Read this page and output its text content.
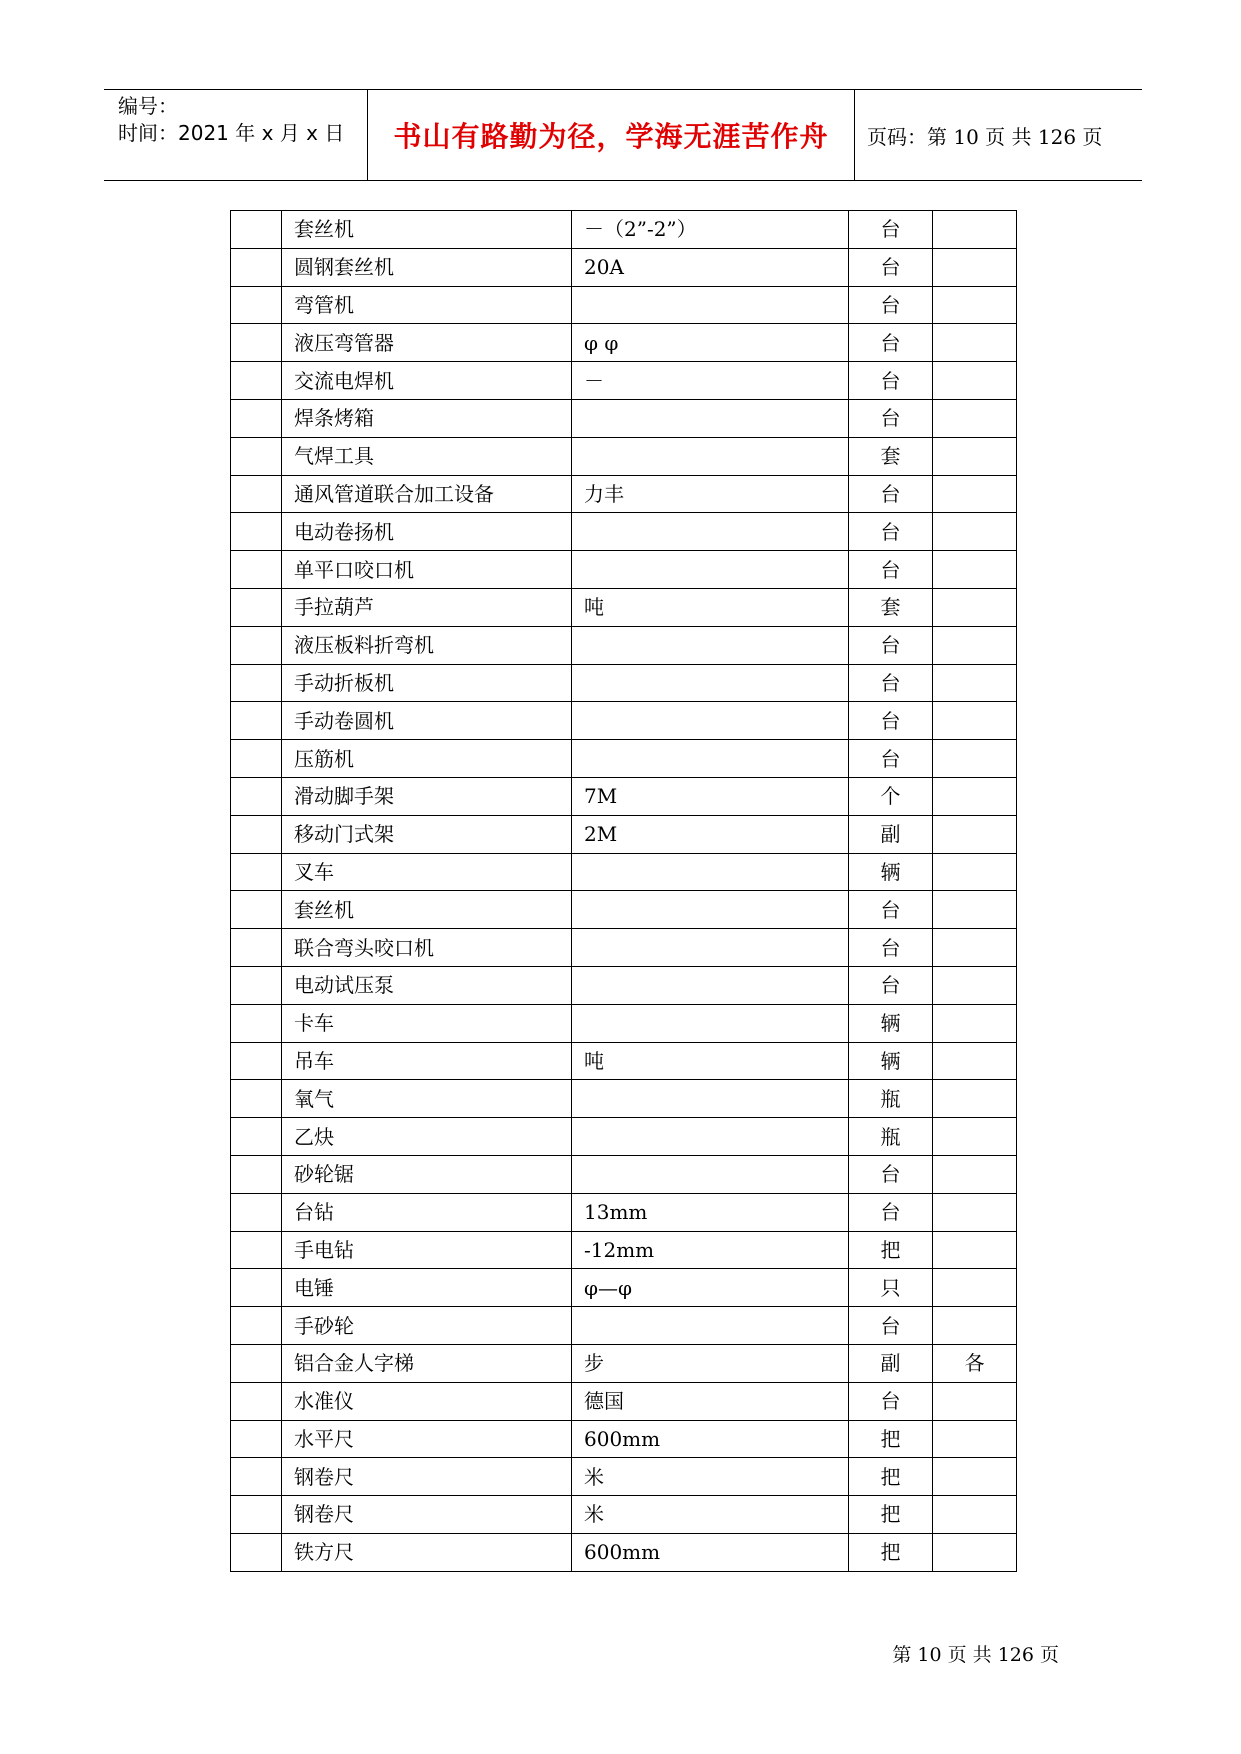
编号：
时间：2021 年 x 月 x 日 书山有路勤为径，学海无涯苦作舟 页码：第 10 页 共 126 页
	套丝机	－（2”-2”）	台	
	圆钢套丝机	20A	台	
	弯管机		台	
	液压弯管器	φ φ	台	
	交流电焊机	－	台	
	焊条烤箱		台	
	气焊工具		套	
	通风管道联合加工设备	力丰	台	
	电动卷扬机		台	
	单平口咬口机		台	
	手拉葫芦	吨	套	
	液压板料折弯机		台	
	手动折板机		台	
	手动卷圆机		台	
	压筋机		台	
	滑动脚手架	7M	个	
	移动门式架	2M	副	
	叉车		辆	
	套丝机		台	
	联合弯头咬口机		台	
	电动试压泵		台	
	卡车		辆	
	吊车	吨	辆	
	氧气		瓶	
	乙炔		瓶	
	砂轮锯		台	
	台钻	13mm	台	
	手电钻	-12mm	把	
	电锤	φ—φ	只	
	手砂轮		台	
	铝合金人字梯	步	副	各
	水准仪	德国	台	
	水平尺	600mm	把	
	钢卷尺	米	把	
	钢卷尺	米	把	
	铁方尺	600mm	把	
第 10 页 共 126 页
